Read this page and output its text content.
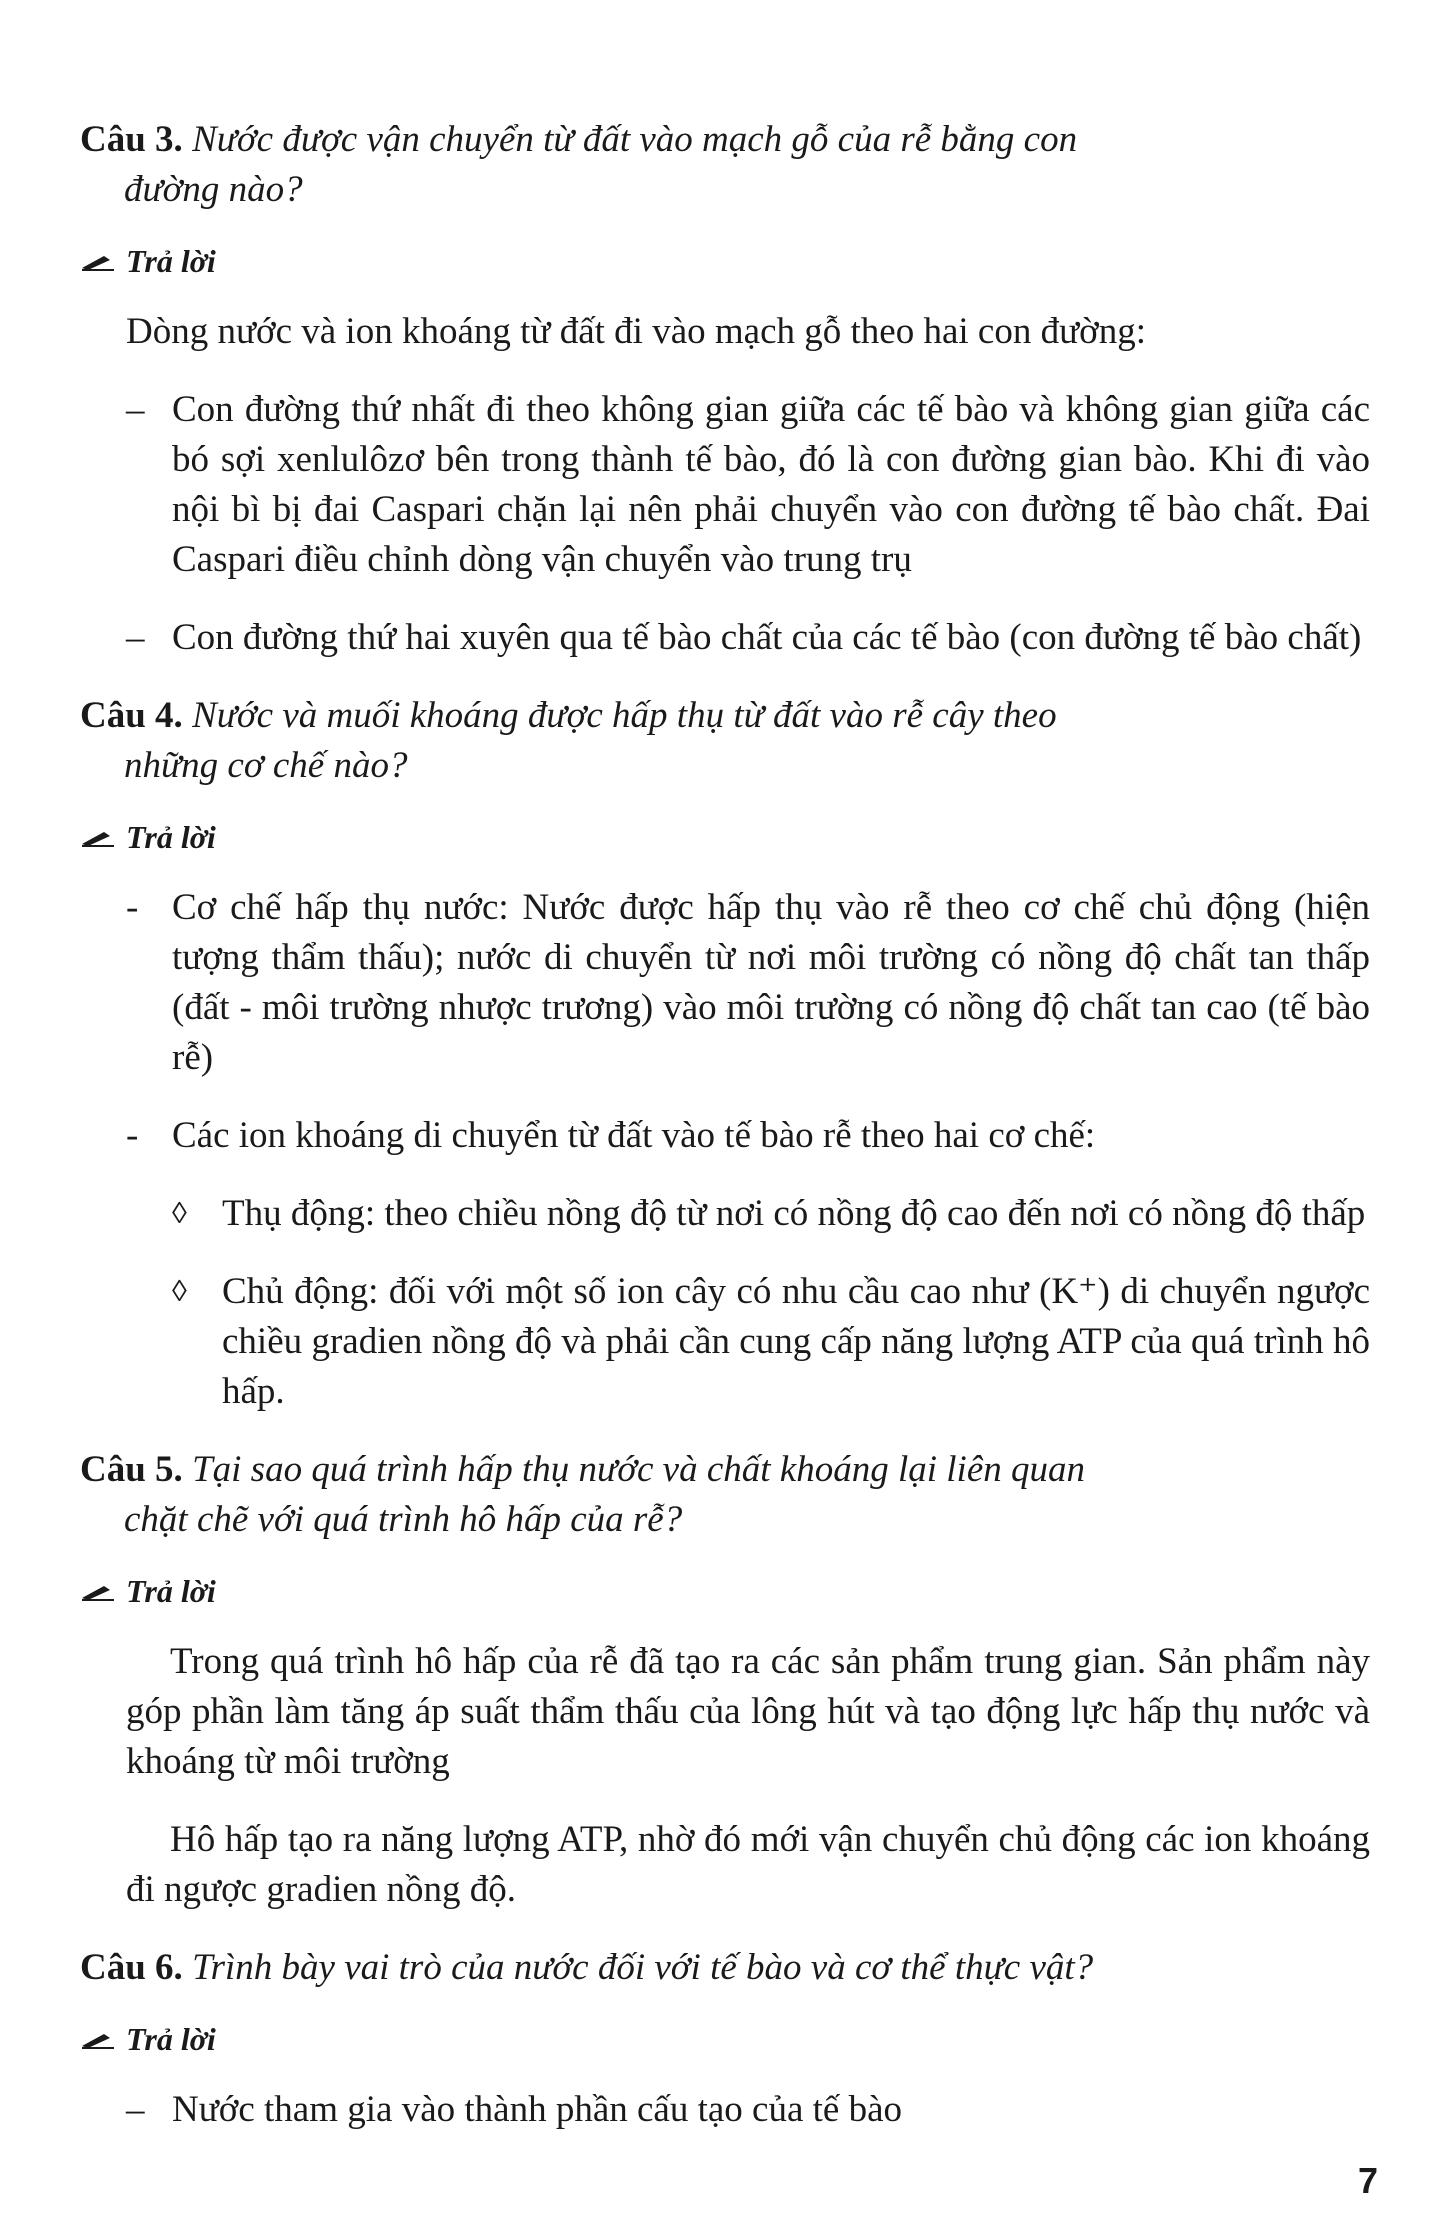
Câu 3. Nước được vận chuyển từ đất vào mạch gỗ của rễ bằng con
đường nào?
Trả lời

Dòng nước và ion khoáng từ đất đi vào mạch gỗ theo hai con đường:

– Con đường thứ nhất đi theo không gian giữa các tế bào và không gian giữa các bó sợi xenlulôzơ bên trong thành tế bào, đó là con đường gian bào. Khi đi vào nội bì bị đai Caspari chặn lại nên phải chuyển vào con đường tế bào chất. Đai Caspari điều chỉnh dòng vận chuyển vào trung trụ
– Con đường thứ hai xuyên qua tế bào chất của các tế bào (con đường tế bào chất)
Câu 4. Nước và muối khoáng được hấp thụ từ đất vào rễ cây theo
những cơ chế nào?
Trả lời
- Cơ chế hấp thụ nước: Nước được hấp thụ vào rễ theo cơ chế chủ động (hiện tượng thẩm thấu); nước di chuyển từ nơi môi trường có nồng độ chất tan thấp (đất - môi trường nhược trương) vào môi trường có nồng độ chất tan cao (tế bào rễ)
- Các ion khoáng di chuyển từ đất vào tế bào rễ theo hai cơ chế:
◊ Thụ động: theo chiều nồng độ từ nơi có nồng độ cao đến nơi có nồng độ thấp
◊ Chủ động: đối với một số ion cây có nhu cầu cao như (K⁺) di chuyển ngược chiều gradien nồng độ và phải cần cung cấp năng lượng ATP của quá trình hô hấp.
Câu 5. Tại sao quá trình hấp thụ nước và chất khoáng lại liên quan
chặt chẽ với quá trình hô hấp của rễ?
Trả lời

Trong quá trình hô hấp của rễ đã tạo ra các sản phẩm trung gian. Sản phẩm này góp phần làm tăng áp suất thẩm thấu của lông hút và tạo động lực hấp thụ nước và khoáng từ môi trường

Hô hấp tạo ra năng lượng ATP, nhờ đó mới vận chuyển chủ động các ion khoáng đi ngược gradien nồng độ.

Câu 6. Trình bày vai trò của nước đối với tế bào và cơ thể thực vật?
Trả lời
– Nước tham gia vào thành phần cấu tạo của tế bào
7
